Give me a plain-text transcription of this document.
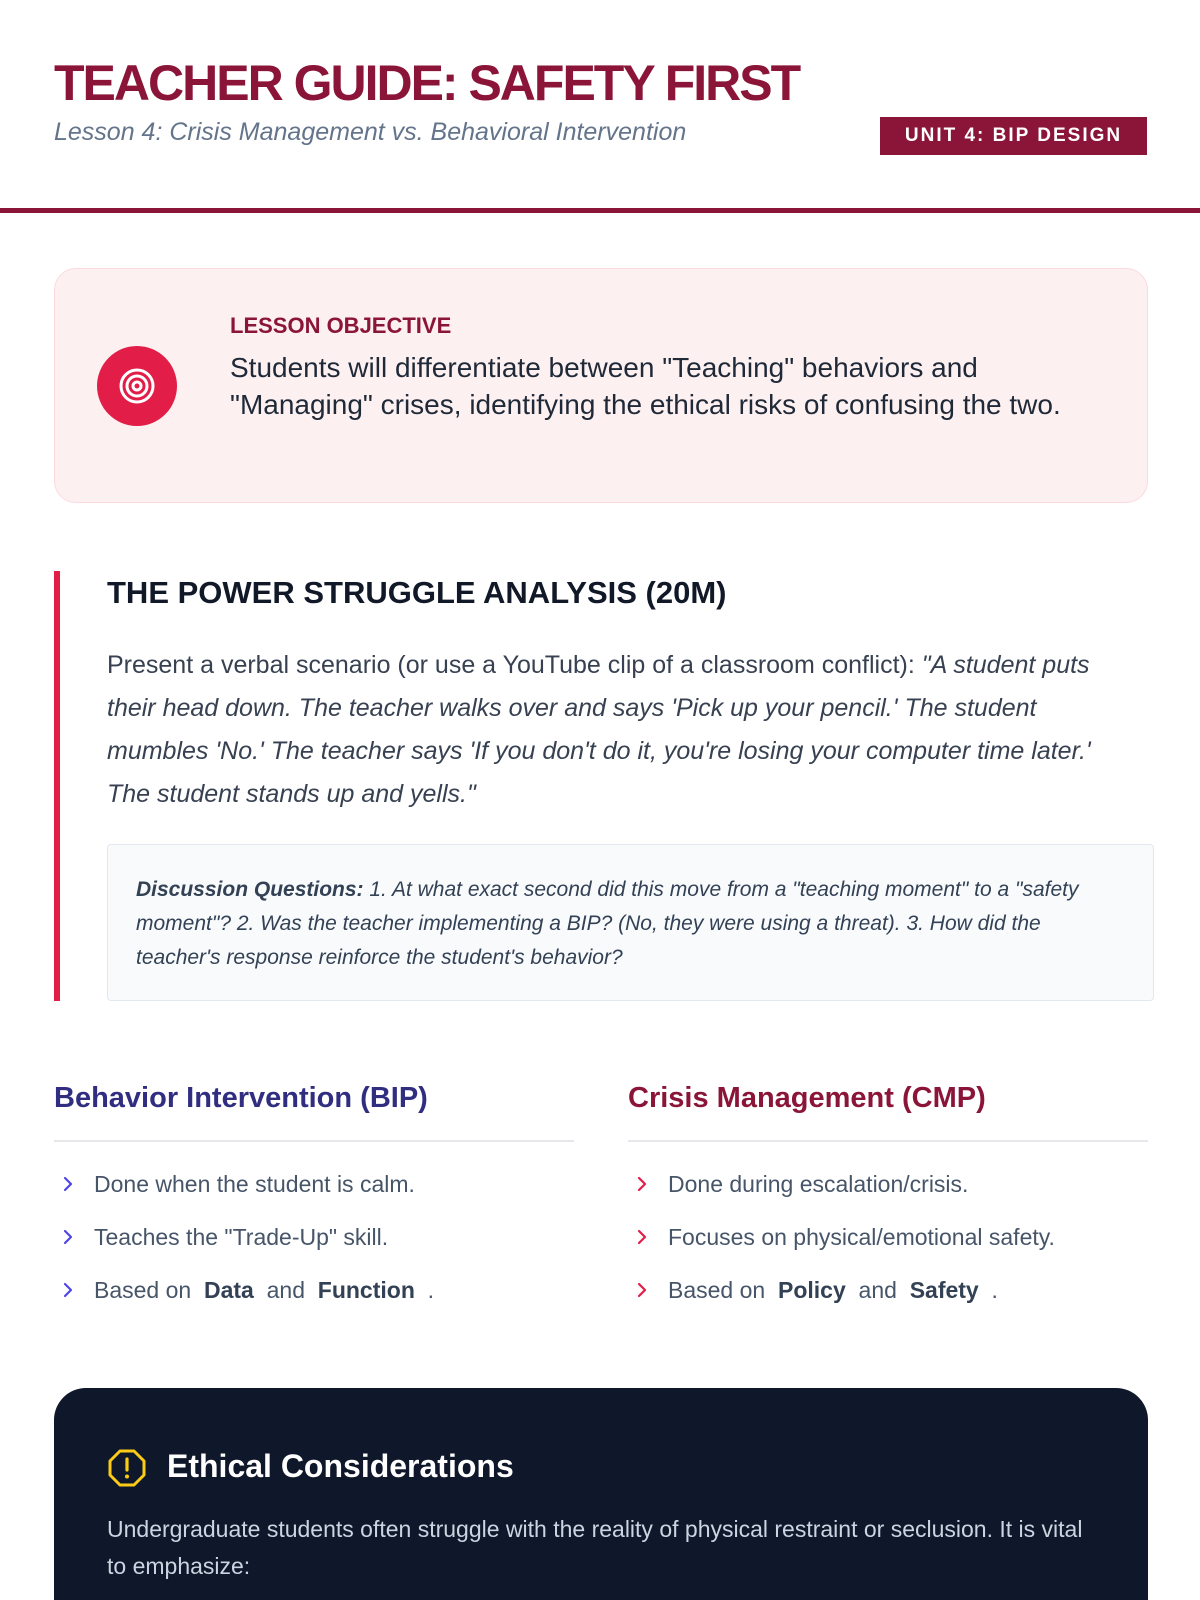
TEACHER GUIDE: SAFETY FIRST
Lesson 4: Crisis Management vs. Behavioral Intervention	UNIT 4: BIP DESIGN
LESSON OBJECTIVE
Students will differentiate between "Teaching" behaviors and "Managing" crises, identifying the ethical risks of confusing the two.
THE POWER STRUGGLE ANALYSIS (20M)

Present a verbal scenario (or use a YouTube clip of a classroom conflict): "A student puts their head down. The teacher walks over and says 'Pick up your pencil.' The student mumbles 'No.' The teacher says 'If you don't do it, you're losing your computer time later.' The student stands up and yells."

Discussion Questions: 1. At what exact second did this move from a "teaching moment" to a "safety moment"? 2. Was the teacher implementing a BIP? (No, they were using a threat). 3. How did the teacher's response reinforce the student's behavior?
Behavior Intervention (BIP)
Done when the student is calm.
Teaches the "Trade-Up" skill.
Based on  Data  and  Function  .
Crisis Management (CMP)
Done during escalation/crisis.
Focuses on physical/emotional safety.
Based on  Policy  and  Safety  .
Ethical Considerations

Undergraduate students often struggle with the reality of physical restraint or seclusion. It is vital to emphasize:
